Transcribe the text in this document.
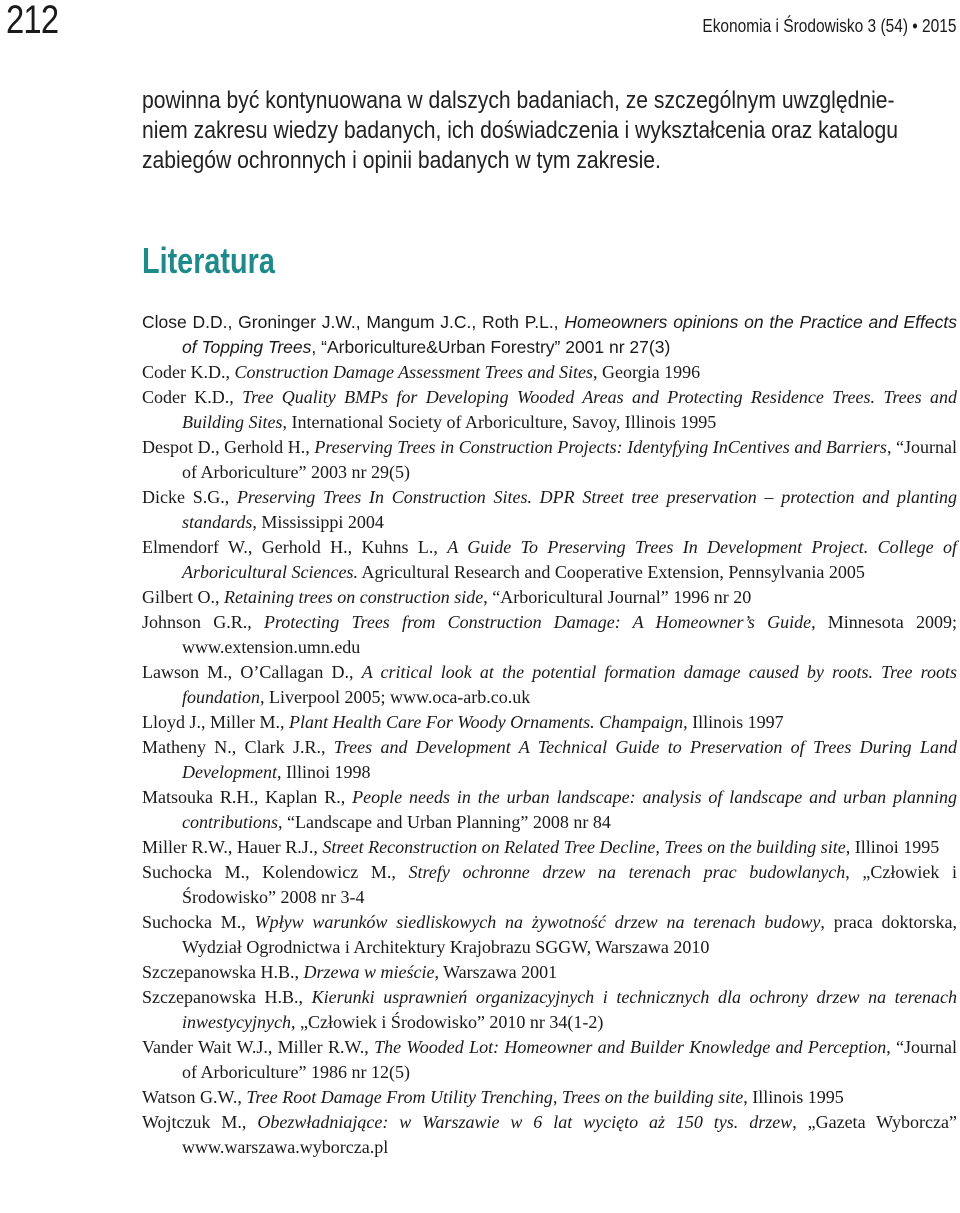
212	Ekonomia i Środowisko 3 (54) • 2015
powinna być kontynuowana w dalszych badaniach, ze szczególnym uwzględnie-
niem zakresu wiedzy badanych, ich doświadczenia i wykształcenia oraz katalogu
zabiegów ochronnych i opinii badanych w tym zakresie.
Literatura

Close D.D., Groninger J.W., Mangum J.C., Roth P.L., Homeowners opinions on the Practice and Effects of Topping Trees, “Arboriculture&Urban Forestry” 2001 nr 27(3)

Coder K.D., Construction Damage Assessment Trees and Sites, Georgia 1996

Coder K.D., Tree Quality BMPs for Developing Wooded Areas and Protecting Residence Trees. Trees and Building Sites, International Society of Arboriculture, Savoy, Illinois 1995

Despot D., Gerhold H., Preserving Trees in Construction Projects: Identyfying InCentives and Barriers, “Journal of Arboriculture” 2003 nr 29(5)

Dicke S.G., Preserving Trees In Construction Sites. DPR Street tree preservation – protection and planting standards, Mississippi 2004

Elmendorf W., Gerhold H., Kuhns L., A Guide To Preserving Trees In Development Project. College of Arboricultural Sciences. Agricultural Research and Cooperative Extension, Pennsylvania 2005

Gilbert O., Retaining trees on construction side, “Arboricultural Journal” 1996 nr 20

Johnson G.R., Protecting Trees from Construction Damage: A Homeowner’s Guide, Minnesota 2009; www.extension.umn.edu

Lawson M., O’Callagan D., A critical look at the potential formation damage caused by roots. Tree roots foundation, Liverpool 2005; www.oca-arb.co.uk

Lloyd J., Miller M., Plant Health Care For Woody Ornaments. Champaign, Illinois 1997

Matheny N., Clark J.R., Trees and Development A Technical Guide to Preservation of Trees During Land Development, Illinoi 1998

Matsouka R.H., Kaplan R., People needs in the urban landscape: analysis of landscape and urban planning contributions, “Landscape and Urban Planning” 2008 nr 84

Miller R.W., Hauer R.J., Street Reconstruction on Related Tree Decline, Trees on the building site, Illinoi 1995

Suchocka M., Kolendowicz M., Strefy ochronne drzew na terenach prac budowlanych, „Człowiek i Środowisko” 2008 nr 3-4

Suchocka M., Wpływ warunków siedliskowych na żywotność drzew na terenach budowy, praca doktorska, Wydział Ogrodnictwa i Architektury Krajobrazu SGGW, Warszawa 2010

Szczepanowska H.B., Drzewa w mieście, Warszawa 2001

Szczepanowska H.B., Kierunki usprawnień organizacyjnych i technicznych dla ochrony drzew na terenach inwestycyjnych, „Człowiek i Środowisko” 2010 nr 34(1-2)

Vander Wait W.J., Miller R.W., The Wooded Lot: Homeowner and Builder Knowledge and Perception, “Journal of Arboriculture” 1986 nr 12(5)

Watson G.W., Tree Root Damage From Utility Trenching, Trees on the building site, Illinois 1995

Wojtczuk M., Obezwładniające: w Warszawie w 6 lat wycięto aż 150 tys. drzew, „Gazeta Wyborcza” www.warszawa.wyborcza.pl
